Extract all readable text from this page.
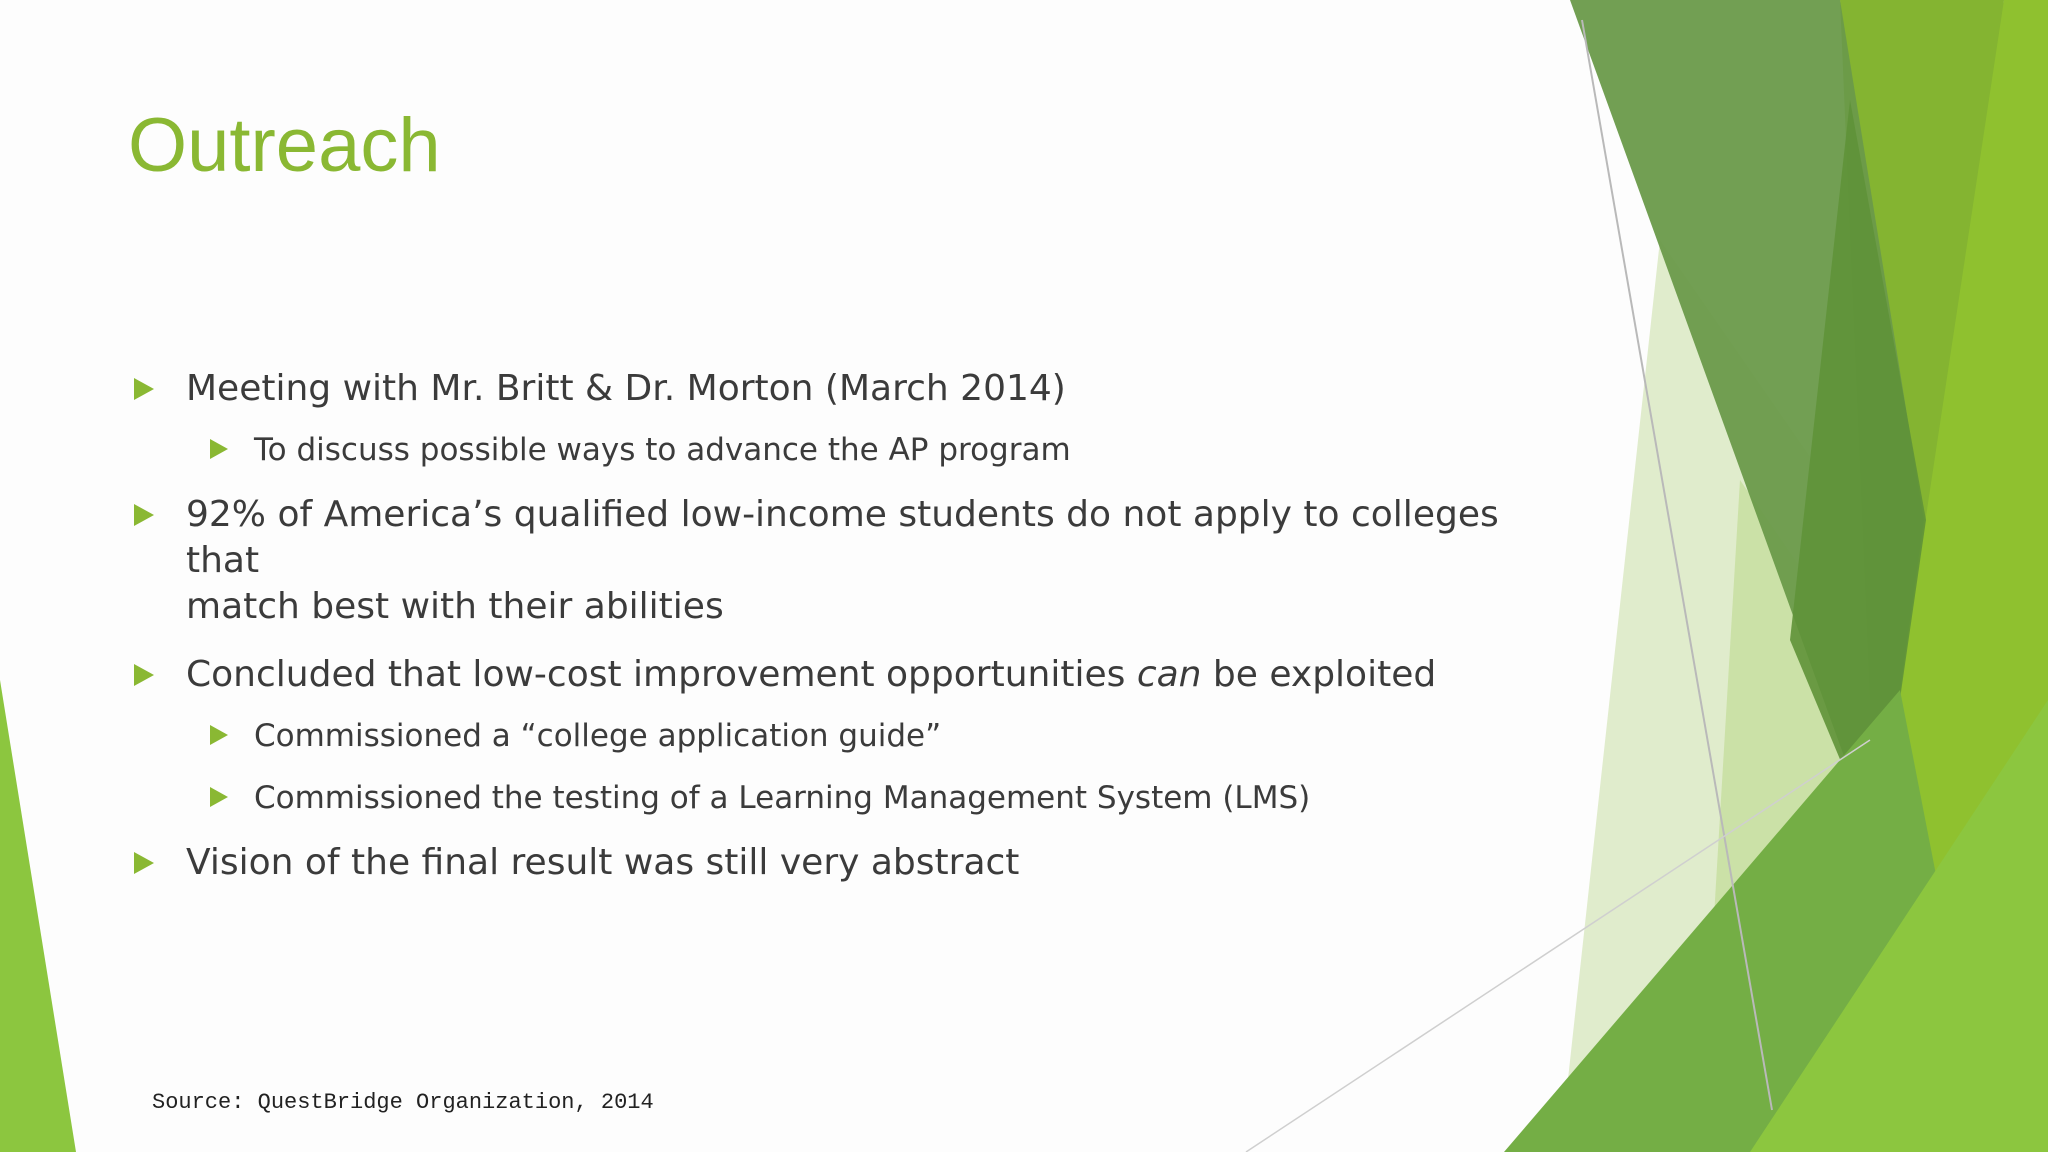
Outreach
Meeting with Mr. Britt & Dr. Morton (March 2014)
To discuss possible ways to advance the AP program
92% of America’s qualified low-income students do not apply to colleges that
match best with their abilities
Concluded that low-cost improvement opportunities can be exploited
Commissioned a “college application guide”
Commissioned the testing of a Learning Management System (LMS)
Vision of the final result was still very abstract
Source: QuestBridge Organization, 2014
